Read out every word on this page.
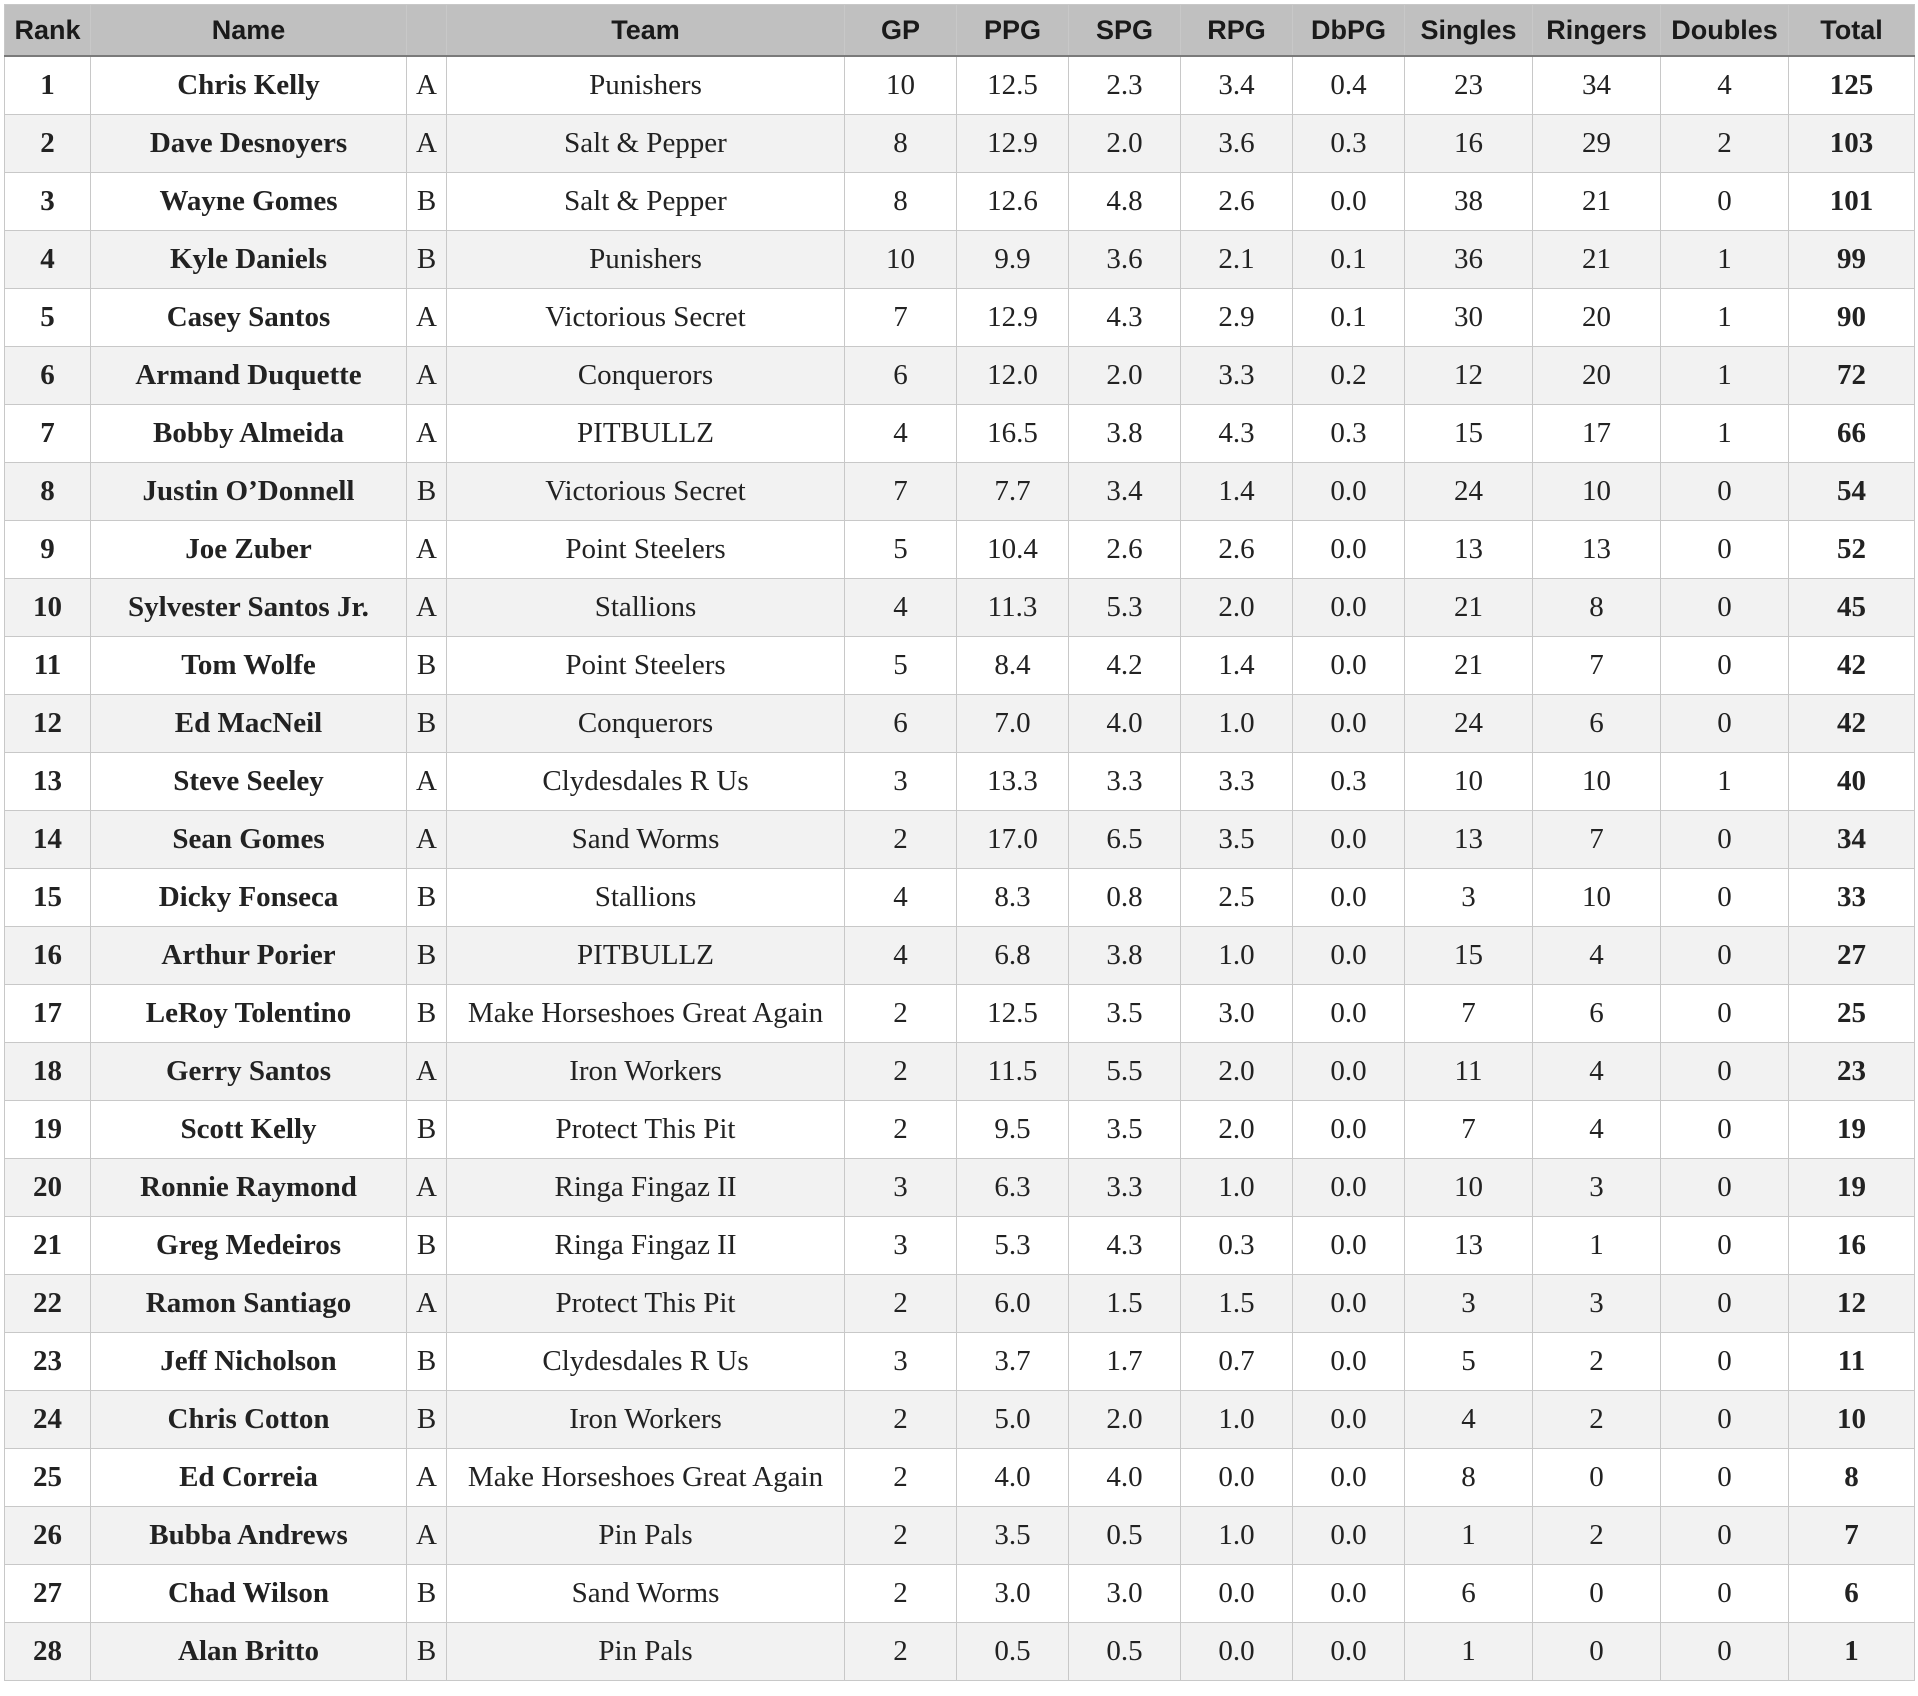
Rank	Name		Team	GP	PPG	SPG	RPG	DbPG	Singles	Ringers	Doubles	Total
1	Chris Kelly	A	Punishers	10	12.5	2.3	3.4	0.4	23	34	4	125
2	Dave Desnoyers	A	Salt & Pepper	8	12.9	2.0	3.6	0.3	16	29	2	103
3	Wayne Gomes	B	Salt & Pepper	8	12.6	4.8	2.6	0.0	38	21	0	101
4	Kyle Daniels	B	Punishers	10	9.9	3.6	2.1	0.1	36	21	1	99
5	Casey Santos	A	Victorious Secret	7	12.9	4.3	2.9	0.1	30	20	1	90
6	Armand Duquette	A	Conquerors	6	12.0	2.0	3.3	0.2	12	20	1	72
7	Bobby Almeida	A	PITBULLZ	4	16.5	3.8	4.3	0.3	15	17	1	66
8	Justin O’Donnell	B	Victorious Secret	7	7.7	3.4	1.4	0.0	24	10	0	54
9	Joe Zuber	A	Point Steelers	5	10.4	2.6	2.6	0.0	13	13	0	52
10	Sylvester Santos Jr.	A	Stallions	4	11.3	5.3	2.0	0.0	21	8	0	45
11	Tom Wolfe	B	Point Steelers	5	8.4	4.2	1.4	0.0	21	7	0	42
12	Ed MacNeil	B	Conquerors	6	7.0	4.0	1.0	0.0	24	6	0	42
13	Steve Seeley	A	Clydesdales R Us	3	13.3	3.3	3.3	0.3	10	10	1	40
14	Sean Gomes	A	Sand Worms	2	17.0	6.5	3.5	0.0	13	7	0	34
15	Dicky Fonseca	B	Stallions	4	8.3	0.8	2.5	0.0	3	10	0	33
16	Arthur Porier	B	PITBULLZ	4	6.8	3.8	1.0	0.0	15	4	0	27
17	LeRoy Tolentino	B	Make Horseshoes Great Again	2	12.5	3.5	3.0	0.0	7	6	0	25
18	Gerry Santos	A	Iron Workers	2	11.5	5.5	2.0	0.0	11	4	0	23
19	Scott Kelly	B	Protect This Pit	2	9.5	3.5	2.0	0.0	7	4	0	19
20	Ronnie Raymond	A	Ringa Fingaz II	3	6.3	3.3	1.0	0.0	10	3	0	19
21	Greg Medeiros	B	Ringa Fingaz II	3	5.3	4.3	0.3	0.0	13	1	0	16
22	Ramon Santiago	A	Protect This Pit	2	6.0	1.5	1.5	0.0	3	3	0	12
23	Jeff Nicholson	B	Clydesdales R Us	3	3.7	1.7	0.7	0.0	5	2	0	11
24	Chris Cotton	B	Iron Workers	2	5.0	2.0	1.0	0.0	4	2	0	10
25	Ed Correia	A	Make Horseshoes Great Again	2	4.0	4.0	0.0	0.0	8	0	0	8
26	Bubba Andrews	A	Pin Pals	2	3.5	0.5	1.0	0.0	1	2	0	7
27	Chad Wilson	B	Sand Worms	2	3.0	3.0	0.0	0.0	6	0	0	6
28	Alan Britto	B	Pin Pals	2	0.5	0.5	0.0	0.0	1	0	0	1
